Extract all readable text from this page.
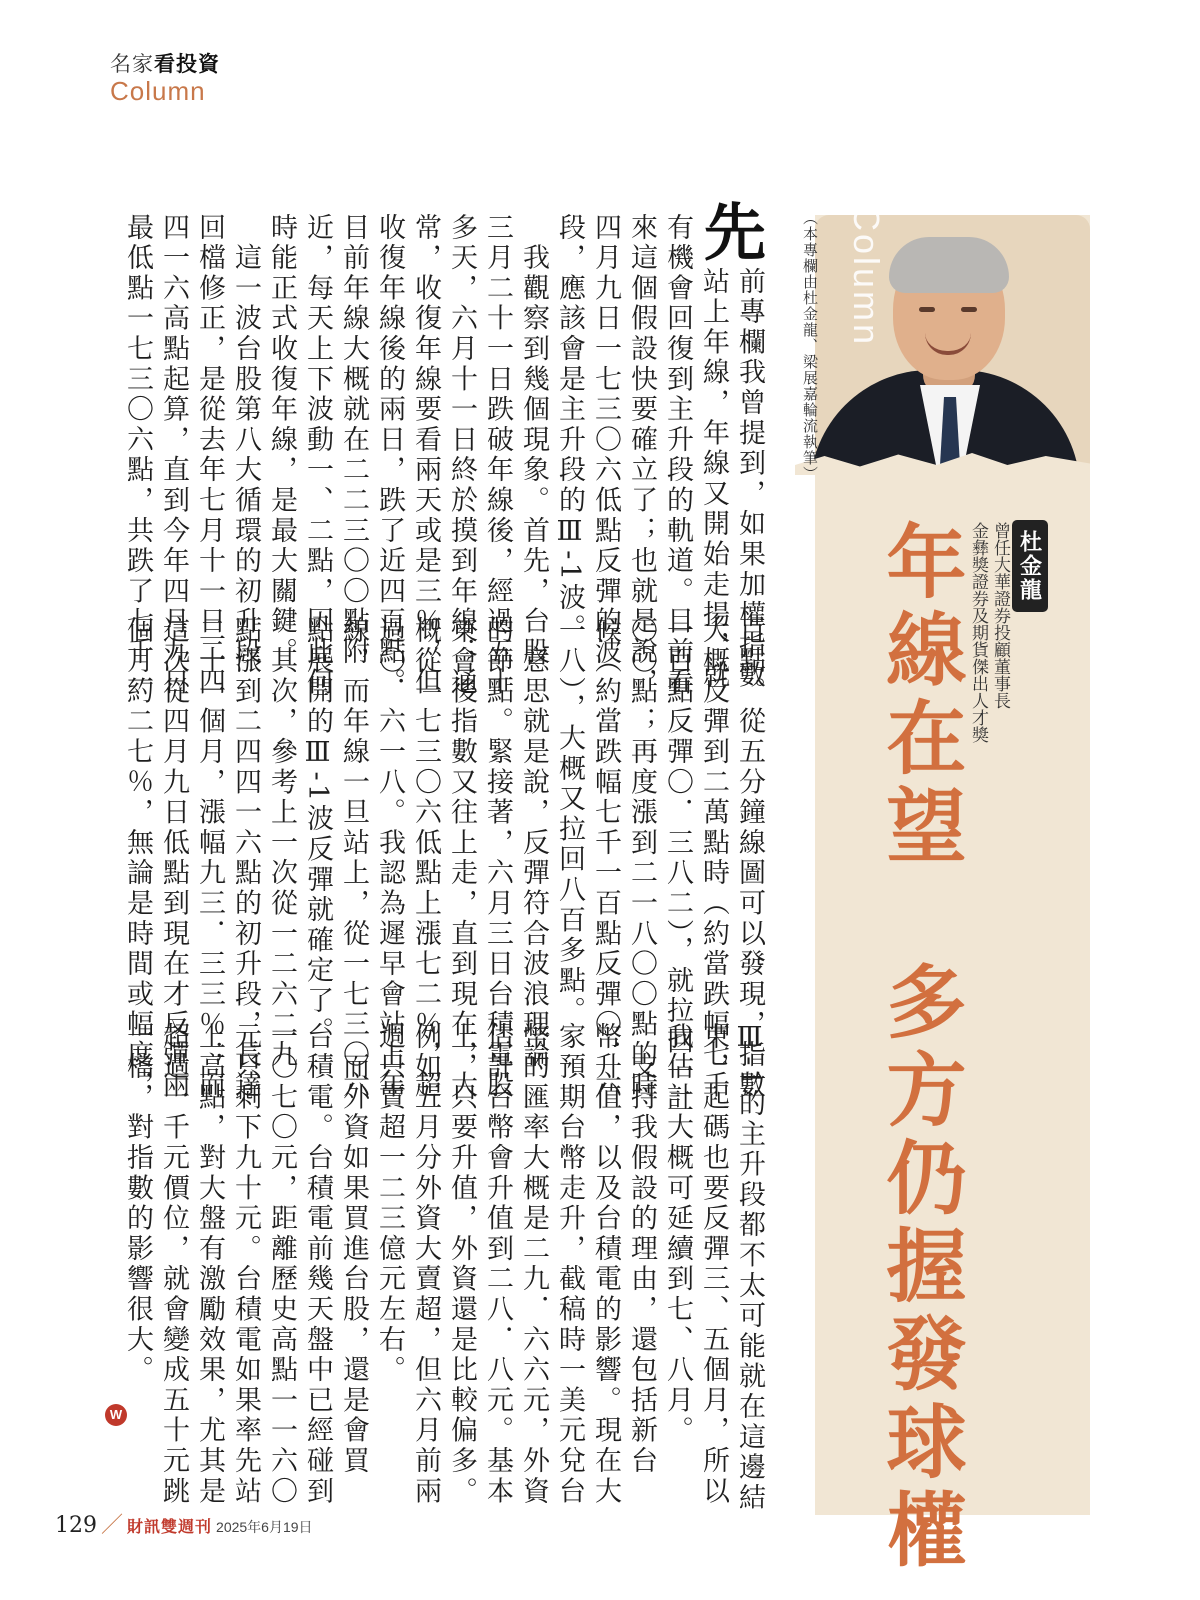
名家看投資
Column
Column
（本專欄由杜金龍、梁展嘉輪流執筆）
杜金龍
曾任大華證券投顧董事長
金彝獎證券及期貨傑出人才獎
年線在望　多方仍握發球權
先
前專欄我曾提到，如果加權指數
站上年線，年線又開始走揚，就
有機會回復到主升段的軌道。目前看
來這個假設快要確立了；也就是說，
四月九日一七三〇六低點反彈的波
段，應該會是主升段的Ⅲ-1波。
　我觀察到幾個現象。首先，台股
三月二十一日跌破年線後，經過五十
多天，六月十一日終於摸到年線；通
常，收復年線要看兩天或是三％，但
收復年線後的兩日，跌了近四百點。
目前年線大概就在二二三〇〇點附
近，每天上下波動一、二點，因此何
時能正式收復年線，是最大關鍵。
　這一波台股第八大循環的初升段
回檔修正，是從去年七月十一日二四
四一六高點起算，直到今年四月九日
最低點一七三〇六點，共跌了七千一
百點。從五分鐘線圖可以發現，指數
大概反彈到二萬點時（約當跌幅七千
一百點反彈〇．三八二），就拉回一二
〇〇點；再度漲到二一八〇〇點的時
候（約當跌幅七千一百點反彈〇．六
一八），大概又拉回八百多點。
　意思就是說，反彈符合波浪理論
的節點。緊接著，六月三日台積電股
東會後指數又往上走，直到現在，大
概從一七三〇六低點上漲七二％，超
過〇．六一八。我認為遲早會站上年
線，而年線一旦站上，從一七三〇六
點展開的Ⅲ-1波反彈就確定了。
　其次，參考上一次從一二六二九
點漲到二四四一六點的初升段，長達
二十一個月，漲幅九三．三三％；而
這次從四月九日低點到現在才反彈兩
個月約二七％，無論是時間或幅度，
Ⅲ-1的主升段都不太可能就在這邊結
束，起碼也要反彈三、五個月，所以
我估計大概可延續到七、八月。
　支持我假設的理由，還包括新台
幣升值，以及台積電的影響。現在大
家預期台幣走升，截稿時一美元兌台
幣的匯率大概是二九．六六元，外資
估計台幣會升值到二八．八元。基本
上，只要升值，外資還是比較偏多。
例如五月分外資大賣超，但六月前兩
週只賣超一二三億元左右。
　而外資如果買進台股，還是會買
台積電。台積電前幾天盤中已經碰到
一〇七〇元，距離歷史高點一一六〇
元只剩下九十元。台積電如果率先站
上高點，對大盤有激勵效果，尤其是
超過一千元價位，就會變成五十元跳
一檔，對指數的影響很大。
W
129 ／ 財訊雙週刊 2025年6月19日
